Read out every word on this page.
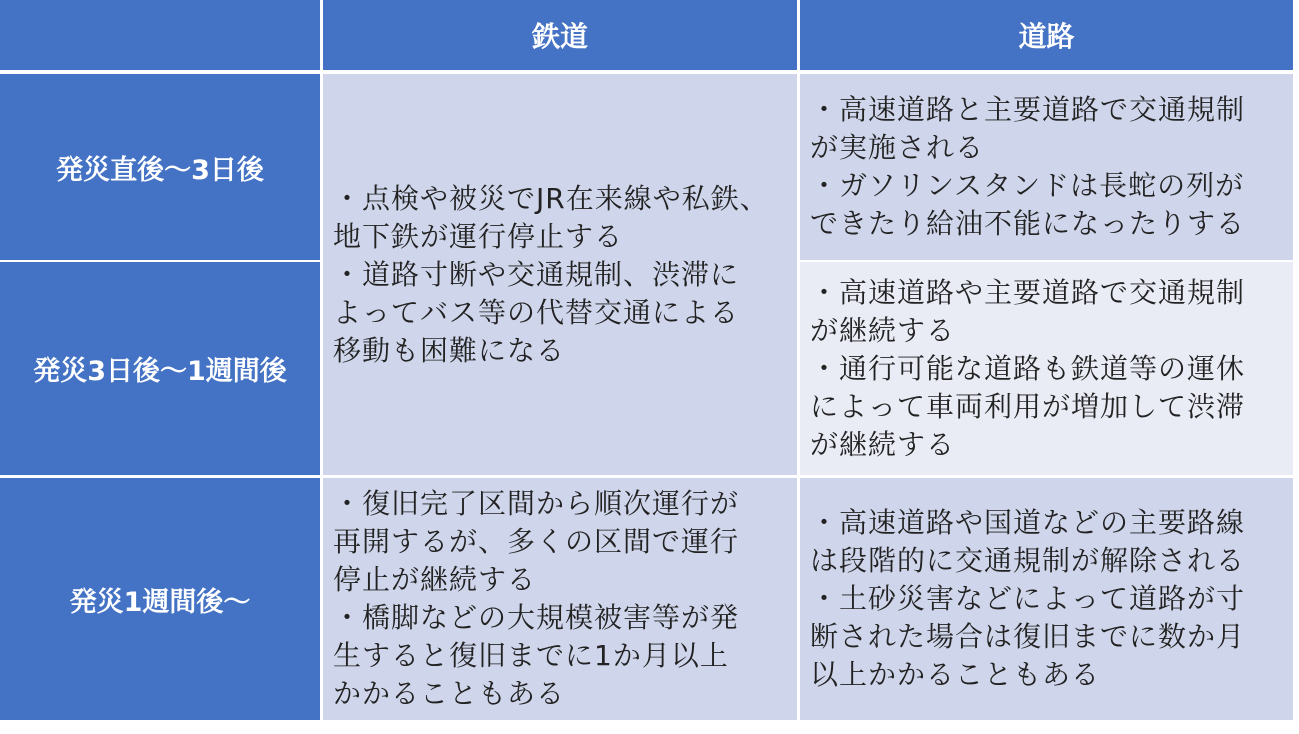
鉄道	道路
発災直後～3日後
発災3日後～1週間後
発災1週間後～
・点検や被災でJR在来線や私鉄、
地下鉄が運行停止する
・道路寸断や交通規制、渋滞に
よってバス等の代替交通による
移動も困難になる
・復旧完了区間から順次運行が
再開するが、多くの区間で運行
停止が継続する
・橋脚などの大規模被害等が発
生すると復旧までに1か月以上
かかることもある
・高速道路と主要道路で交通規制
が実施される
・ガソリンスタンドは長蛇の列が
できたり給油不能になったりする
・高速道路や主要道路で交通規制
が継続する
・通行可能な道路も鉄道等の運休
によって車両利用が増加して渋滞
が継続する
・高速道路や国道などの主要路線
は段階的に交通規制が解除される
・土砂災害などによって道路が寸
断された場合は復旧までに数か月
以上かかることもある
